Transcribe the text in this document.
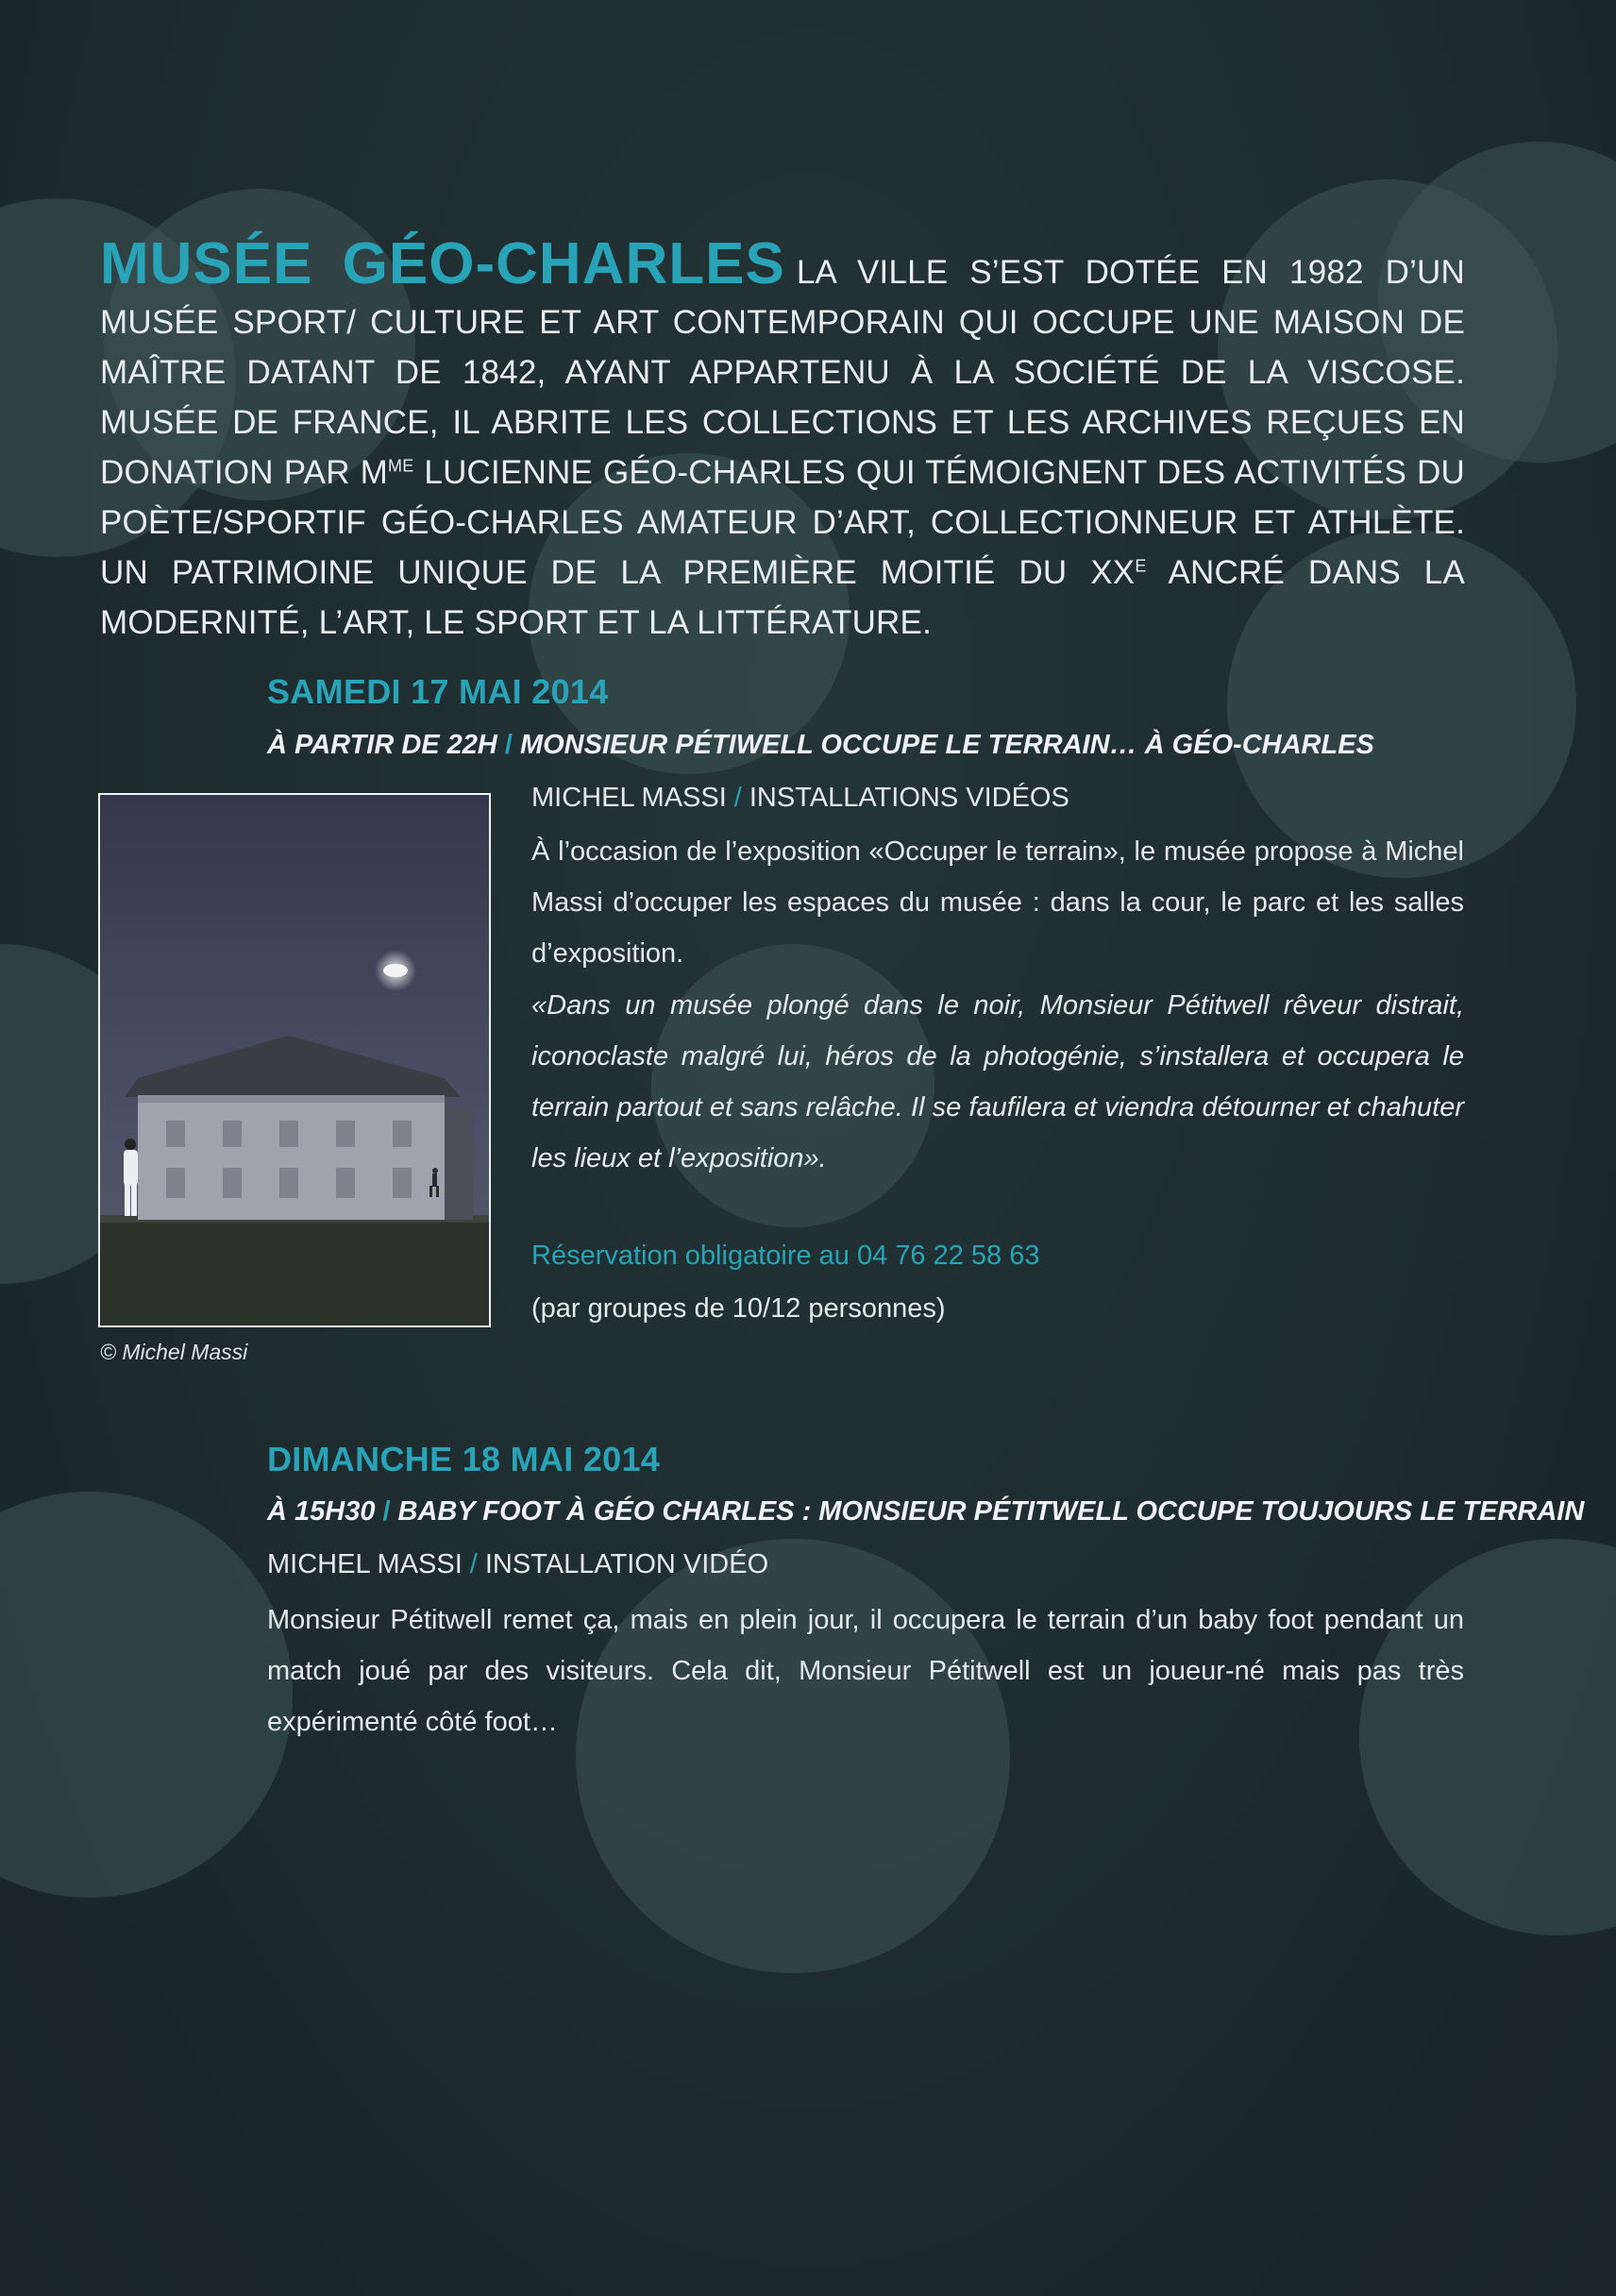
MUSÉE GÉO-CHARLES LA VILLE S’EST DOTÉE EN 1982 D’UN MUSÉE SPORT/ CULTURE ET ART CONTEMPORAIN QUI OCCUPE UNE MAISON DE MAÎTRE DATANT DE 1842, AYANT APPARTENU À LA SOCIÉTÉ DE LA VISCOSE. MUSÉE DE FRANCE, IL ABRITE LES COLLECTIONS ET LES ARCHIVES REÇUES EN DONATION PAR $M^{ME}$ LUCIENNE GÉO-CHARLES QUI TÉMOIGNENT DES ACTIVITÉS DU POÈTE/SPORTIF GÉO-CHARLES AMATEUR D’ART, COLLECTIONNEUR ET ATHLÈTE. UN PATRIMOINE UNIQUE DE LA PREMIÈRE MOITIÉ DU $XX^E$ ANCRÉ DANS LA MODERNITÉ, L’ART, LE SPORT ET LA LITTÉRATURE.
SAMEDI 17 MAI 2014
À PARTIR DE 22H / MONSIEUR PÉTIWELL OCCUPE LE TERRAIN… À GÉO-CHARLES
© Michel Massi
MICHEL MASSI / INSTALLATIONS VIDÉOS

À l’occasion de l’exposition «Occuper le terrain», le musée propose à Michel Massi d’occuper les espaces du musée : dans la cour, le parc et les salles d’exposition.

«Dans un musée plongé dans le noir, Monsieur Pétitwell rêveur distrait, iconoclaste malgré lui, héros de la photogénie, s’installera et occupera le terrain partout et sans relâche. Il se faufilera et viendra détourner et chahuter les lieux et l’exposition».

Réservation obligatoire au 04 76 22 58 63
(par groupes de 10/12 personnes)
DIMANCHE 18 MAI 2014
À 15H30 / BABY FOOT À GÉO CHARLES : MONSIEUR PÉTITWELL OCCUPE TOUJOURS LE TERRAIN
MICHEL MASSI / INSTALLATION VIDÉO

Monsieur Pétitwell remet ça, mais en plein jour, il occupera le terrain d’un baby foot pendant un match joué par des visiteurs. Cela dit, Monsieur Pétitwell est un joueur-né mais pas très expérimenté côté foot…
